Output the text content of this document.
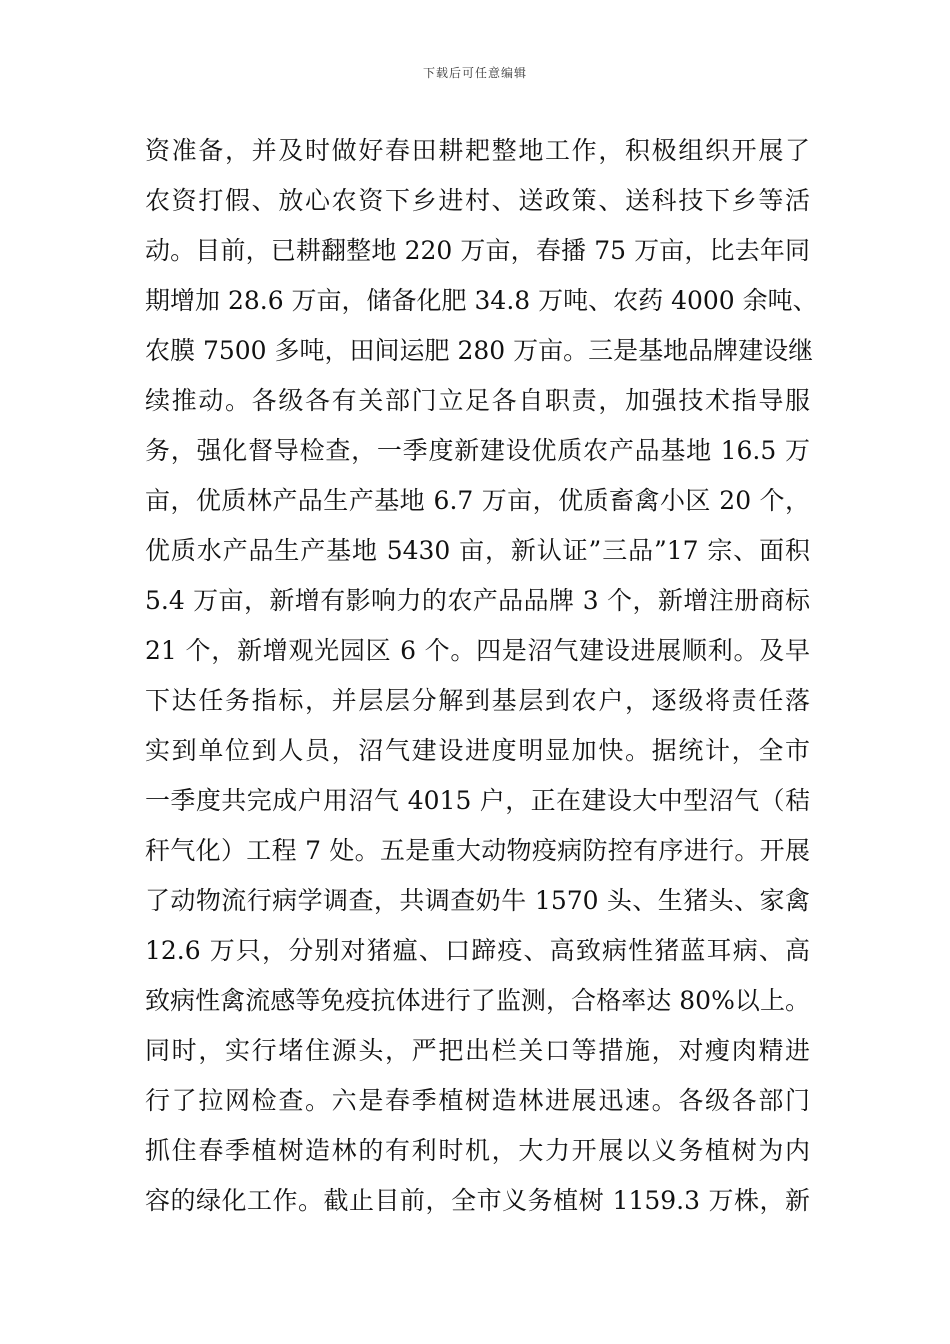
下载后可任意编辑
资准备，并及时做好春田耕耙整地工作，积极组织开展了
农资打假、放心农资下乡进村、送政策、送科技下乡等活
动。目前，已耕翻整地 220 万亩，春播 75 万亩，比去年同
期增加 28.6 万亩，储备化肥 34.8 万吨、农药 4000 余吨、
农膜 7500 多吨，田间运肥 280 万亩。三是基地品牌建设继
续推动。各级各有关部门立足各自职责，加强技术指导服
务，强化督导检查，一季度新建设优质农产品基地 16.5 万
亩，优质林产品生产基地 6.7 万亩，优质畜禽小区 20 个，
优质水产品生产基地 5430 亩，新认证”三品”17 宗、面积
5.4 万亩，新增有影响力的农产品品牌 3 个，新增注册商标
21 个，新增观光园区 6 个。四是沼气建设进展顺利。及早
下达任务指标，并层层分解到基层到农户，逐级将责任落
实到单位到人员，沼气建设进度明显加快。据统计，全市
一季度共完成户用沼气 4015 户，正在建设大中型沼气（秸
秆气化）工程 7 处。五是重大动物疫病防控有序进行。开展
了动物流行病学调查，共调查奶牛 1570 头、生猪头、家禽
12.6 万只，分别对猪瘟、口蹄疫、高致病性猪蓝耳病、高
致病性禽流感等免疫抗体进行了监测，合格率达 80%以上。
同时，实行堵住源头，严把出栏关口等措施，对瘦肉精进
行了拉网检查。六是春季植树造林进展迅速。各级各部门
抓住春季植树造林的有利时机，大力开展以义务植树为内
容的绿化工作。截止目前，全市义务植树 1159.3 万株，新
